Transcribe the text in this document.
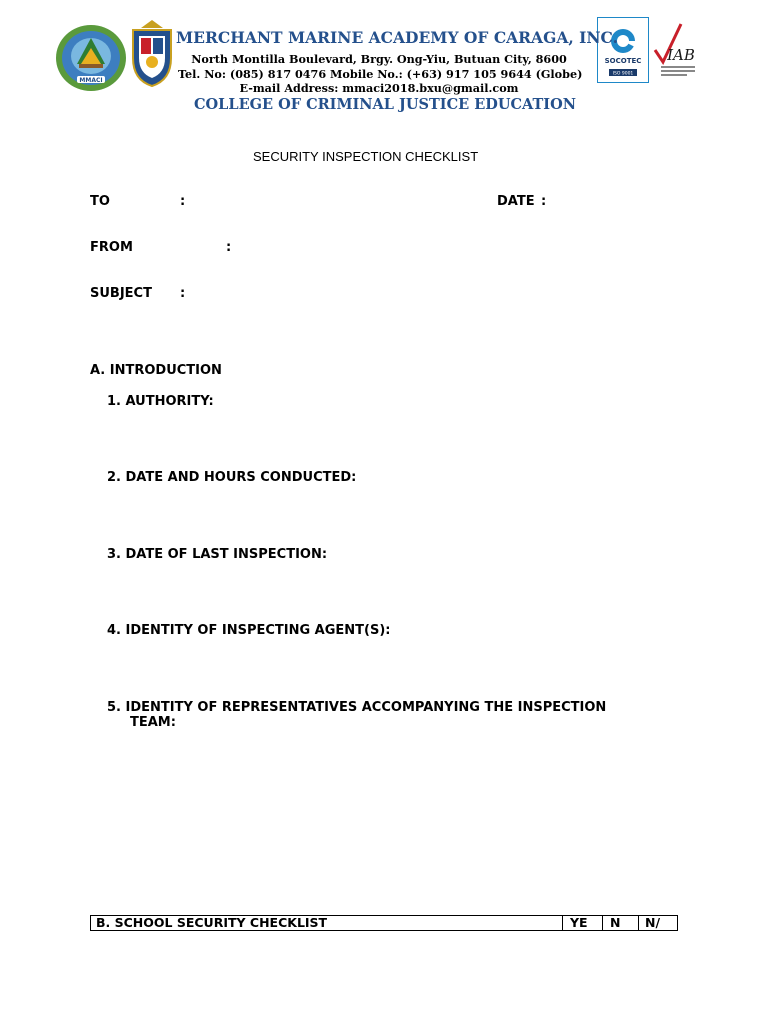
MMACI
SOCOTEC
ISO 9001
IAB
MERCHANT MARINE ACADEMY OF CARAGA, INC.
North Montilla Boulevard, Brgy. Ong-Yiu, Butuan City, 8600
Tel. No: (085) 817 0476 Mobile No.: (+63) 917 105 9644 (Globe)
E-mail Address: mmaci2018.bxu@gmail.com
COLLEGE OF CRIMINAL JUSTICE EDUCATION
SECURITY INSPECTION CHECKLIST
TO	:	DATE :
FROM	:
SUBJECT :
A. INTRODUCTION
1. AUTHORITY:
2. DATE AND HOURS CONDUCTED:
3. DATE OF LAST INSPECTION:
4. IDENTITY OF INSPECTING AGENT(S):
5. IDENTITY OF REPRESENTATIVES ACCOMPANYING THE INSPECTION TEAM:
B. SCHOOL SECURITY CHECKLIST	YE	N	N/
